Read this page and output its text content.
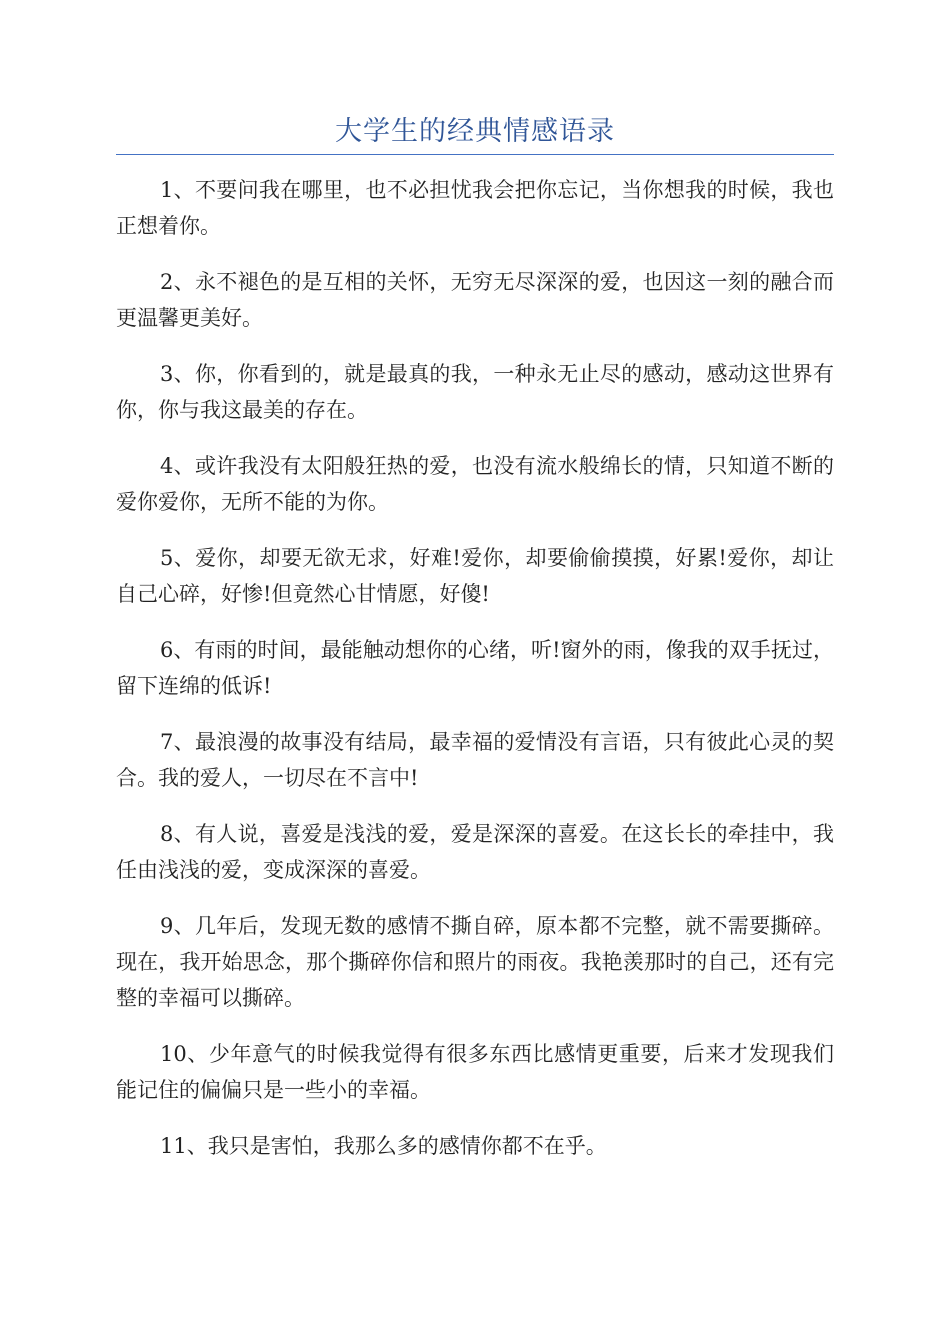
大学生的经典情感语录

1、不要问我在哪里，也不必担忧我会把你忘记，当你想我的时候，我也正想着你。

2、永不褪色的是互相的关怀，无穷无尽深深的爱，也因这一刻的融合而更温馨更美好。

3、你，你看到的，就是最真的我，一种永无止尽的感动，感动这世界有你，你与我这最美的存在。

4、或许我没有太阳般狂热的爱，也没有流水般绵长的情，只知道不断的爱你爱你，无所不能的为你。

5、爱你，却要无欲无求，好难!爱你，却要偷偷摸摸，好累!爱你，却让自己心碎，好惨!但竟然心甘情愿，好傻!

6、有雨的时间，最能触动想你的心绪，听!窗外的雨，像我的双手抚过，留下连绵的低诉!

7、最浪漫的故事没有结局，最幸福的爱情没有言语，只有彼此心灵的契合。我的爱人，一切尽在不言中!

8、有人说，喜爱是浅浅的爱，爱是深深的喜爱。在这长长的牵挂中，我任由浅浅的爱，变成深深的喜爱。

9、几年后，发现无数的感情不撕自碎，原本都不完整，就不需要撕碎。现在，我开始思念，那个撕碎你信和照片的雨夜。我艳羡那时的自己，还有完整的幸福可以撕碎。

10、少年意气的时候我觉得有很多东西比感情更重要，后来才发现我们能记住的偏偏只是一些小的幸福。

11、我只是害怕，我那么多的感情你都不在乎。
